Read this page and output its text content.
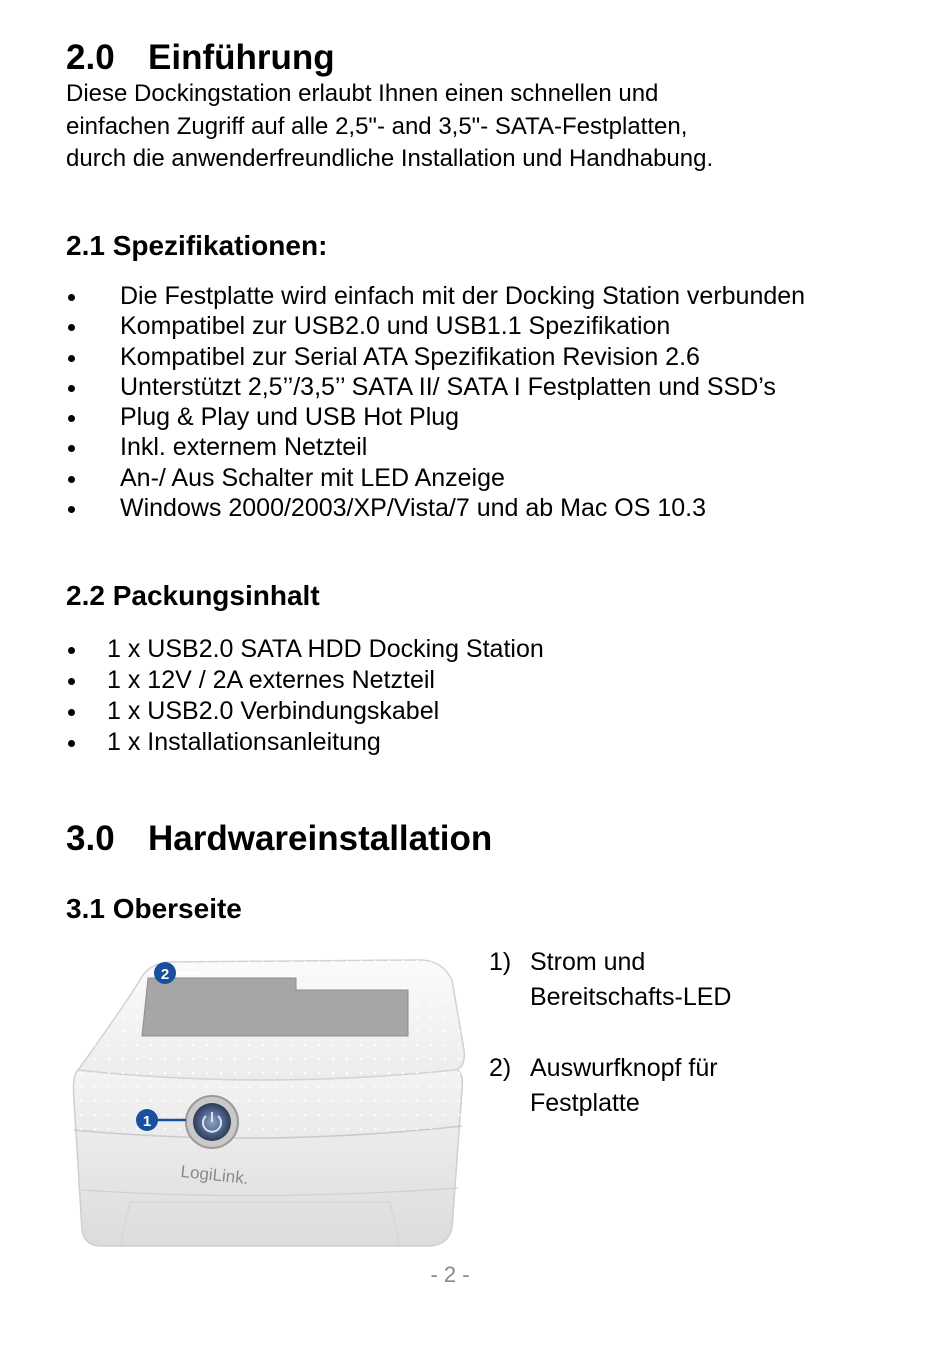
2.0 Einführung

Diese Dockingstation erlaubt Ihnen einen schnellen und
einfachen Zugriff auf alle 2,5"- and 3,5"- SATA-Festplatten,
durch die anwenderfreundliche Installation und Handhabung.

2.1 Spezifikationen:
Die Festplatte wird einfach mit der Docking Station verbunden
Kompatibel zur USB2.0 und USB1.1 Spezifikation
Kompatibel zur Serial ATA Spezifikation Revision 2.6
Unterstützt 2,5’’/3,5’’ SATA II/ SATA I Festplatten und SSD’s
Plug & Play und USB Hot Plug
Inkl. externem Netzteil
An-/ Aus Schalter mit LED Anzeige
Windows 2000/2003/XP/Vista/7 und ab Mac OS 10.3
2.2 Packungsinhalt
1 x USB2.0 SATA HDD Docking Station
1 x 12V / 2A externes Netzteil
1 x USB2.0 Verbindungskabel
1 x Installationsanleitung
3.0 Hardwareinstallation
3.1 Oberseite
1
2
LogiLink.
1) Strom und
Bereitschafts-LED
2) Auswurfknopf für
Festplatte
- 2 -
